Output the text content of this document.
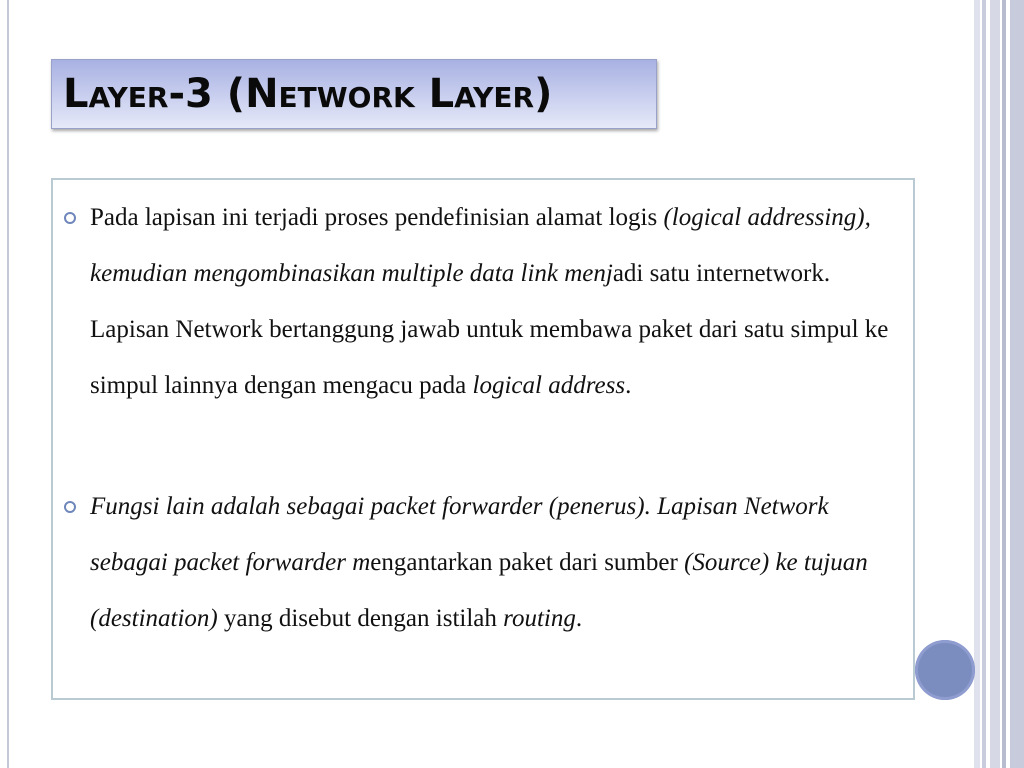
Layer-3 (Network Layer)

Pada lapisan ini terjadi proses pendefinisian alamat logis (logical addressing), kemudian mengombinasikan multiple data link menjadi satu internetwork. Lapisan Network bertanggung jawab untuk membawa paket dari satu simpul ke simpul lainnya dengan mengacu pada logical address.

Fungsi lain adalah sebagai packet forwarder (penerus). Lapisan Network sebagai packet forwarder mengantarkan paket dari sumber (Source) ke tujuan (destination) yang disebut dengan istilah routing.
